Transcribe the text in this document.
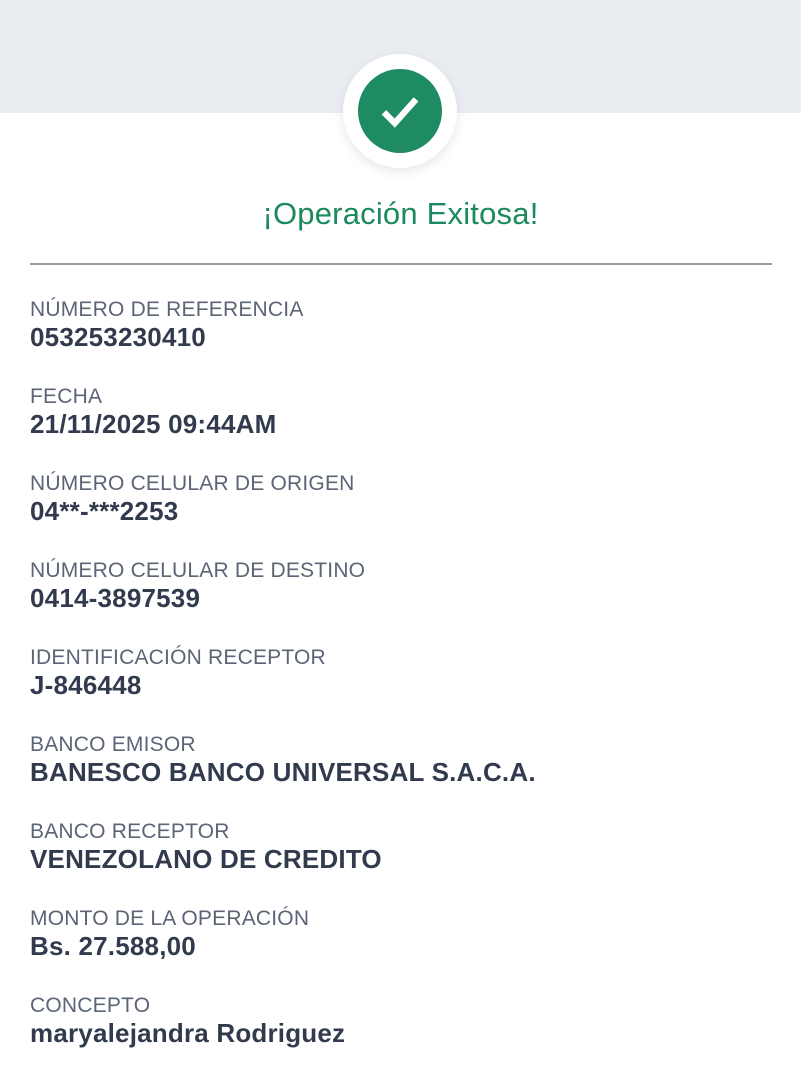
¡Operación Exitosa!
NÚMERO DE REFERENCIA
053253230410
FECHA
21/11/2025 09:44AM
NÚMERO CELULAR DE ORIGEN
04**-***2253
NÚMERO CELULAR DE DESTINO
0414-3897539
IDENTIFICACIÓN RECEPTOR
J-846448
BANCO EMISOR
BANESCO BANCO UNIVERSAL S.A.C.A.
BANCO RECEPTOR
VENEZOLANO DE CREDITO
MONTO DE LA OPERACIÓN
Bs. 27.588,00
CONCEPTO
maryalejandra Rodriguez
